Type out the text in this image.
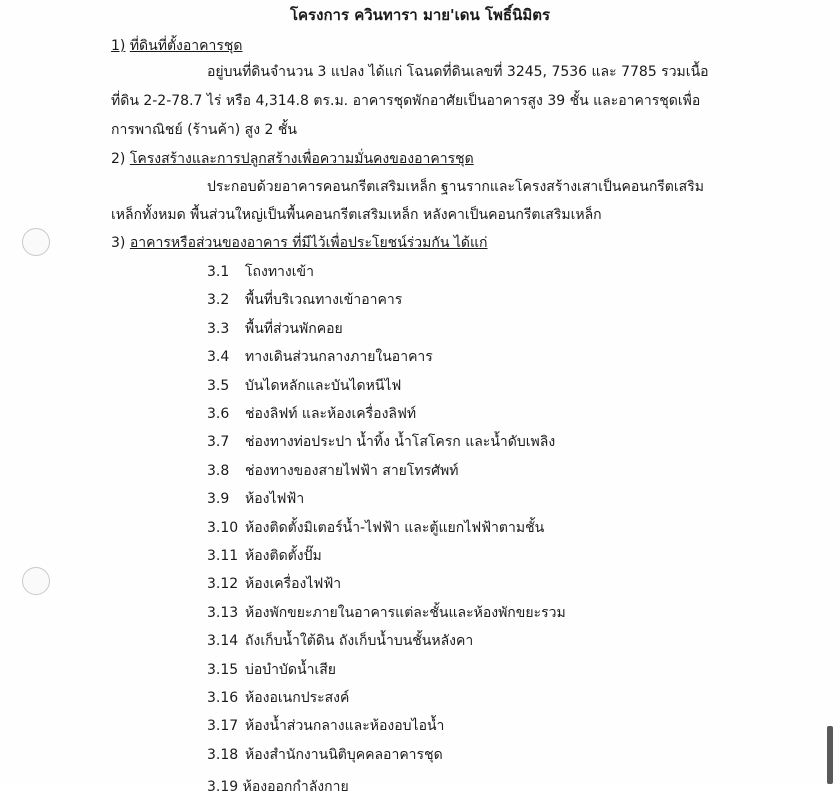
โครงการ ควินทารา มาย'เดน โพธิ์นิมิตร
1) ที่ดินที่ตั้งอาคารชุด
อยู่บนที่ดินจำนวน 3 แปลง ได้แก่ โฉนดที่ดินเลขที่ 3245, 7536 และ 7785 รวมเนื้อ
ที่ดิน 2-2-78.7 ไร่ หรือ 4,314.8 ตร.ม. อาคารชุดพักอาศัยเป็นอาคารสูง 39 ชั้น และอาคารชุดเพื่อ
การพาณิชย์ (ร้านค้า) สูง 2 ชั้น
2) โครงสร้างและการปลูกสร้างเพื่อความมั่นคงของอาคารชุด
ประกอบด้วยอาคารคอนกรีตเสริมเหล็ก ฐานรากและโครงสร้างเสาเป็นคอนกรีตเสริม
เหล็กทั้งหมด พื้นส่วนใหญ่เป็นพื้นคอนกรีตเสริมเหล็ก หลังคาเป็นคอนกรีตเสริมเหล็ก
3) อาคารหรือส่วนของอาคาร ที่มีไว้เพื่อประโยชน์ร่วมกัน ได้แก่
3.1 โถงทางเข้า
3.2 พื้นที่บริเวณทางเข้าอาคาร
3.3 พื้นที่ส่วนพักคอย
3.4 ทางเดินส่วนกลางภายในอาคาร
3.5 บันไดหลักและบันไดหนีไฟ
3.6 ช่องลิฟท์ และห้องเครื่องลิฟท์
3.7 ช่องทางท่อประปา น้ำทิ้ง น้ำโสโครก และน้ำดับเพลิง
3.8 ช่องทางของสายไฟฟ้า สายโทรศัพท์
3.9 ห้องไฟฟ้า
3.10 ห้องติดตั้งมิเตอร์น้ำ-ไฟฟ้า และตู้แยกไฟฟ้าตามชั้น
3.11 ห้องติดตั้งปั๊ม
3.12 ห้องเครื่องไฟฟ้า
3.13 ห้องพักขยะภายในอาคารแต่ละชั้นและห้องพักขยะรวม
3.14 ถังเก็บน้ำใต้ดิน ถังเก็บน้ำบนชั้นหลังคา
3.15 บ่อบำบัดน้ำเสีย
3.16 ห้องอเนกประสงค์
3.17 ห้องน้ำส่วนกลางและห้องอบไอน้ำ
3.18 ห้องสำนักงานนิติบุคคลอาคารชุด
3.19 ห้องออกกำลังกาย
